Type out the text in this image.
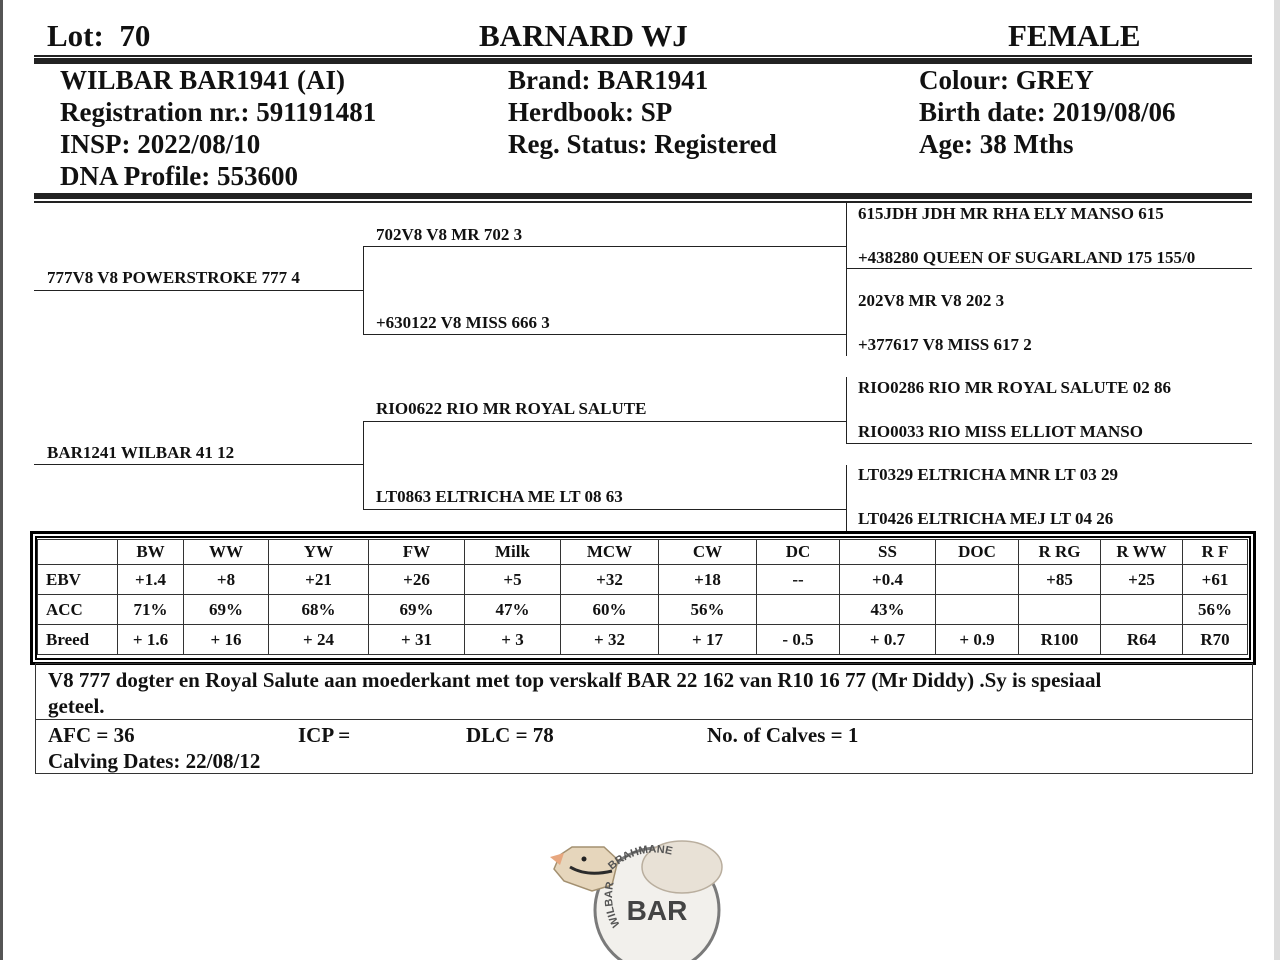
Lot: 70	BARNARD WJ	FEMALE
WILBAR BAR1941 (AI)
Registration nr.: 591191481
INSP: 2022/08/10
DNA Profile: 553600
Brand: BAR1941
Herdbook: SP
Reg. Status: Registered
Colour: GREY
Birth date: 2019/08/06
Age: 38 Mths
777V8 V8 POWERSTROKE 777 4
BAR1241 WILBAR 41 12
702V8 V8 MR 702 3
+630122 V8 MISS 666 3
RIO0622 RIO MR ROYAL SALUTE
LT0863 ELTRICHA ME LT 08 63
615JDH JDH MR RHA ELY MANSO 615
+438280 QUEEN OF SUGARLAND 175 155/0
202V8 MR V8 202 3
+377617 V8 MISS 617 2
RIO0286 RIO MR ROYAL SALUTE 02 86
RIO0033 RIO MISS ELLIOT MANSO
LT0329 ELTRICHA MNR LT 03 29
LT0426 ELTRICHA MEJ LT 04 26
	BW	WW	YW	FW	Milk	MCW	CW	DC	SS	DOC	R RG	R WW	R F
EBV	+1.4	+8	+21	+26	+5	+32	+18	--	+0.4		+85	+25	+61
ACC	71%	69%	68%	69%	47%	60%	56%		43%				56%
Breed	+ 1.6	+ 16	+ 24	+ 31	+ 3	+ 32	+ 17	- 0.5	+ 0.7	+ 0.9	R100	R64	R70
V8 777 dogter en Royal Salute aan moederkant met top verskalf BAR 22 162 van R10 16 77 (Mr Diddy) .Sy is spesiaal
geteel.
AFC = 36	ICP =	DLC = 78	No. of Calves = 1
Calving Dates: 22/08/12
BRAHMANE
WILBAR
BAR
